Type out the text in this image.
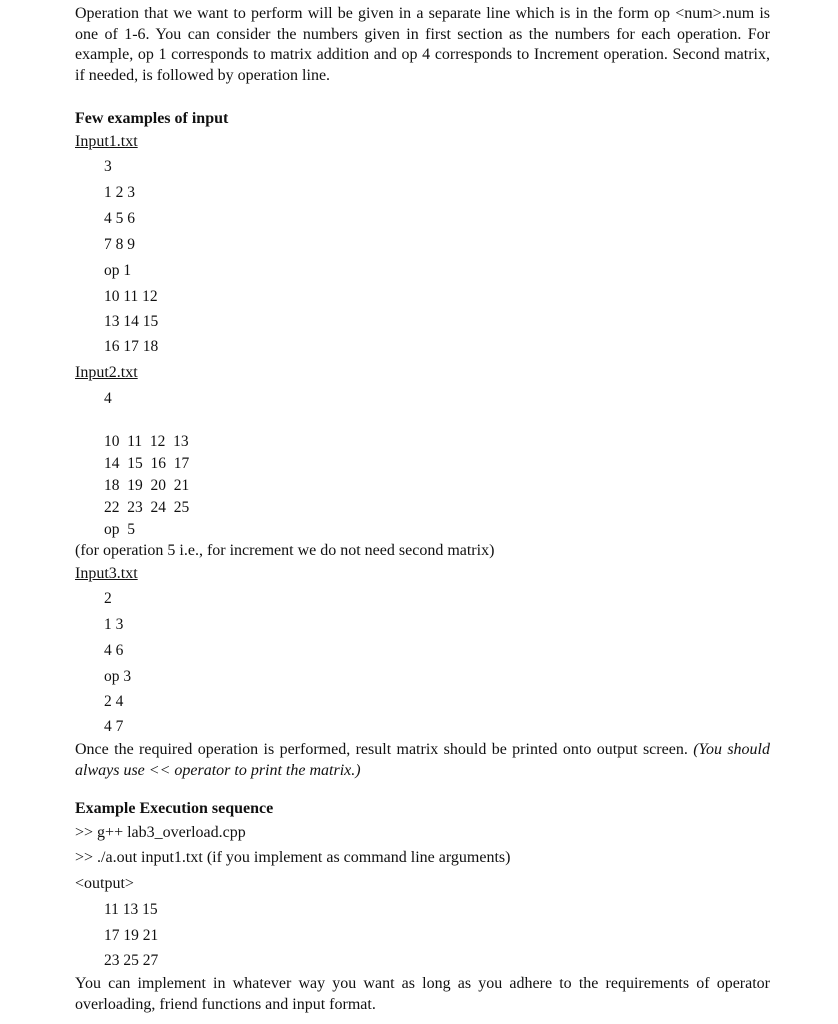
Operation that we want to perform will be given in a separate line which is in the form op <num>.num is one of 1-6. You can consider the numbers given in first section as the numbers for each operation. For example, op 1 corresponds to matrix addition and op 4 corresponds to Increment operation. Second matrix, if needed, is followed by operation line.

Few examples of input
Input1.txt
3
1 2 3
4 5 6
7 8 9
op 1
10 11 12
13 14 15
16 17 18
Input2.txt
4
10  11  12  13
14  15  16  17
18  19  20  21
22  23  24  25
op  5
(for operation 5 i.e., for increment we do not need second matrix)
Input3.txt
2
1 3
4 6
op 3
2 4
4 7

Once the required operation is performed, result matrix should be printed onto output screen. (You should always use << operator to print the matrix.)

Example Execution sequence
>> g++ lab3_overload.cpp
>> ./a.out input1.txt (if you implement as command line arguments)
<output>
11 13 15
17 19 21
23 25 27

You can implement in whatever way you want as long as you adhere to the requirements of operator overloading, friend functions and input format.
